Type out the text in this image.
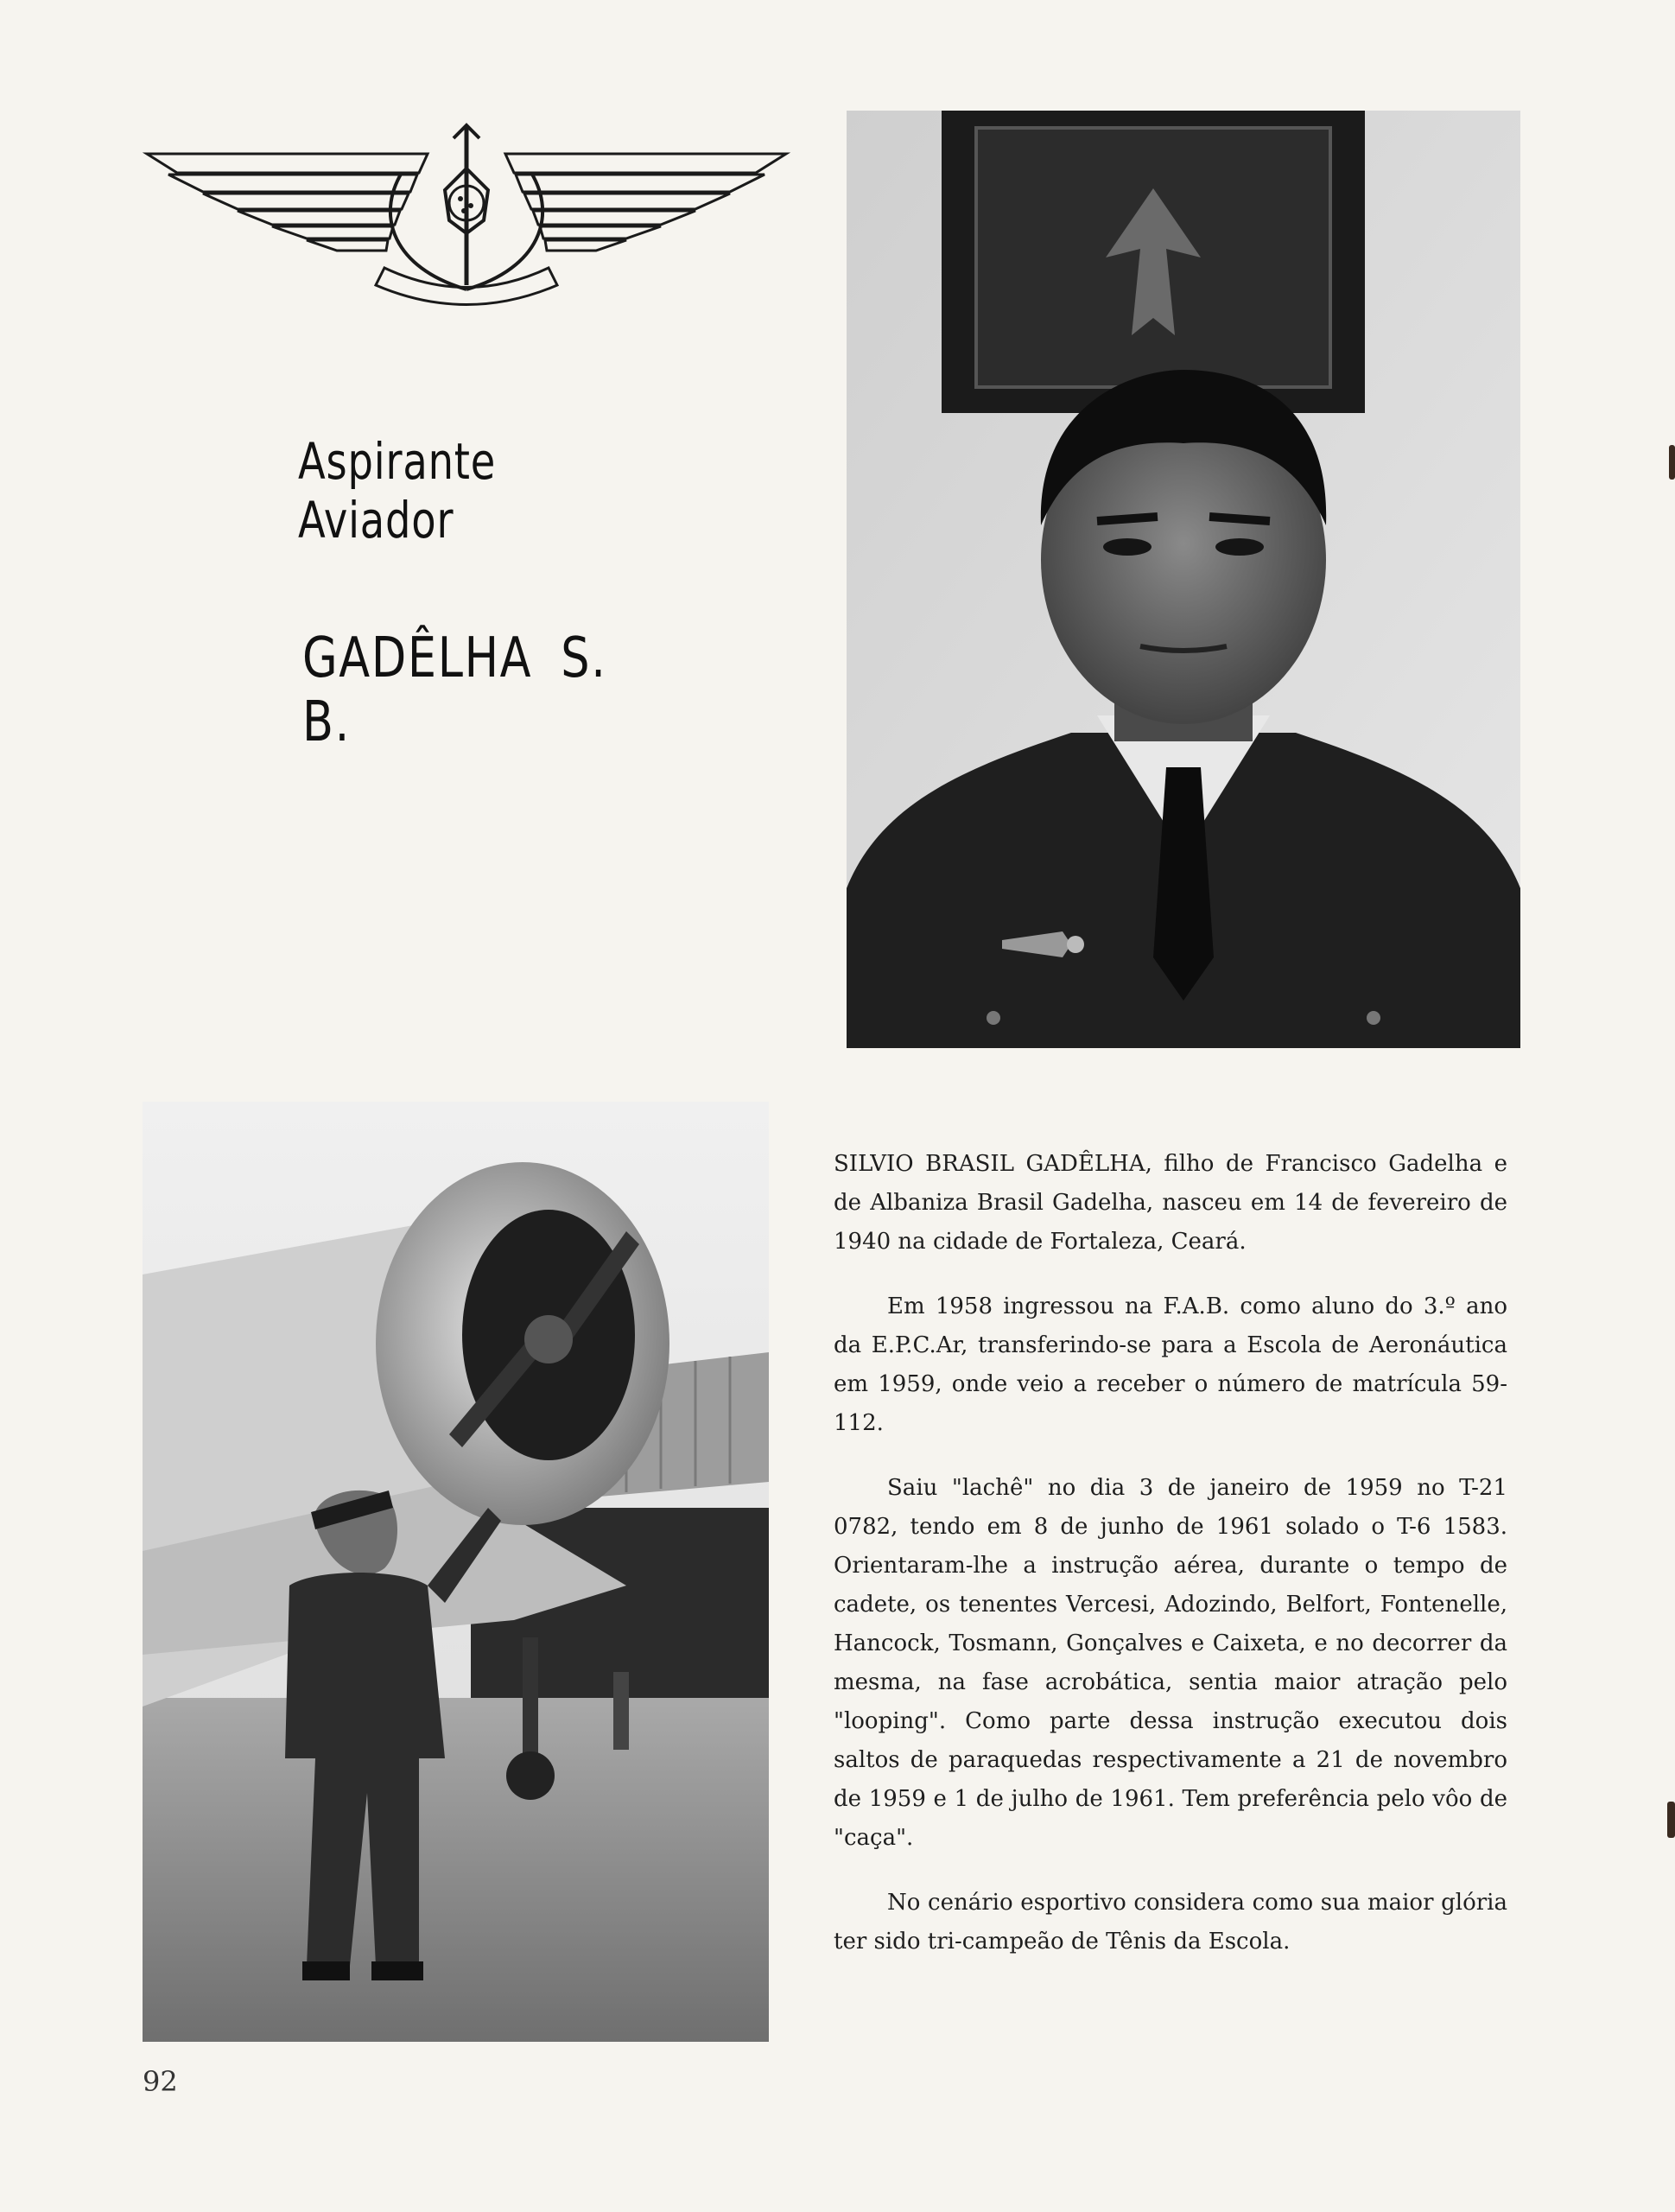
Aspirante Aviador
GADÊLHA S. B.

SILVIO BRASIL GADÊLHA, filho de Francisco Gadelha e de Albaniza Brasil Gadelha, nasceu em 14 de fevereiro de 1940 na cidade de Fortaleza, Ceará.

Em 1958 ingressou na F.A.B. como aluno do 3.º ano da E.P.C.Ar, transferindo-se para a Escola de Aeronáutica em 1959, onde veio a receber o número de matrícula 59-112.

Saiu "lachê" no dia 3 de janeiro de 1959 no T-21 0782, tendo em 8 de junho de 1961 solado o T-6 1583. Orientaram-lhe a instrução aérea, durante o tempo de cadete, os tenentes Vercesi, Adozindo, Belfort, Fontenelle, Hancock, Tosmann, Gonçalves e Caixeta, e no decorrer da mesma, na fase acrobática, sentia maior atração pelo "looping". Como parte dessa instrução executou dois saltos de paraquedas respectivamente a 21 de novembro de 1959 e 1 de julho de 1961. Tem preferência pelo vôo de "caça".

No cenário esportivo considera como sua maior glória ter sido tri-campeão de Tênis da Escola.

92
